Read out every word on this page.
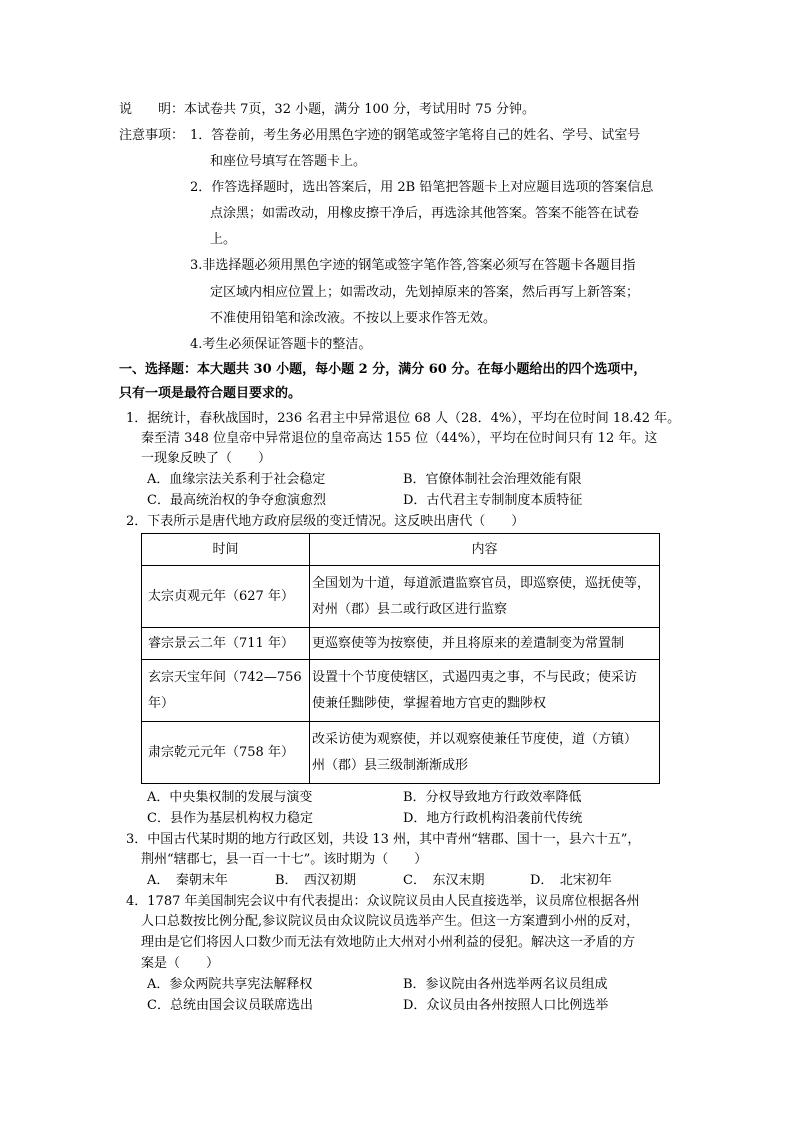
说　　明：本试卷共 7页，32 小题，满分 100 分，考试用时 75 分钟。
注意事项： 1．答卷前，考生务必用黑色字迹的钢笔或签字笔将自己的姓名、学号、试室号
和座位号填写在答题卡上。
2．作答选择题时，选出答案后，用 2B 铅笔把答题卡上对应题目选项的答案信息
点涂黑；如需改动，用橡皮擦干净后，再选涂其他答案。答案不能答在试卷
上。
3.非选择题必须用黑色字迹的钢笔或签字笔作答,答案必须写在答题卡各题目指
定区域内相应位置上；如需改动，先划掉原来的答案，然后再写上新答案；
不准使用铅笔和涂改液。不按以上要求作答无效。
4.考生必须保证答题卡的整洁。
一、选择题：本大题共 30 小题，每小题 2 分，满分 60 分。在每小题给出的四个选项中，
只有一项是最符合题目要求的。
1．据统计，春秋战国时，236 名君主中异常退位 68 人（28．4%），平均在位时间 18.42 年。
秦至清 348 位皇帝中异常退位的皇帝高达 155 位（44%），平均在位时间只有 12 年。这
一现象反映了（　　）
A．血缘宗法关系利于社会稳定	B．官僚体制社会治理效能有限
C．最高统治权的争夺愈演愈烈	D．古代君主专制制度本质特征
2．下表所示是唐代地方政府层级的变迁情况。这反映出唐代（　　）
时间	内容

太宗贞观元年（627 年）	全国划为十道，每道派遣监察官员，即巡察使，巡抚使等，
对州（郡）县二或行政区进行监察

睿宗景云二年（711 年）	更巡察使等为按察使，并且将原来的差遣制变为常置制

玄宗天宝年间（742—756
年）	设置十个节度使辖区，式遏四夷之事，不与民政；使采访
使兼任黜陟使，掌握着地方官吏的黜陟权

肃宗乾元元年（758 年）	改采访使为观察使，并以观察使兼任节度使，道（方镇）
州（郡）县三级制渐渐成形
A．中央集权制的发展与演变	B．分权导致地方行政效率降低
C．县作为基层机构权力稳定	D．地方行政机构沿袭前代传统
3．中国古代某时期的地方行政区划，共设 13 州，其中青州“辖郡、国十一，县六十五”，
荆州“辖郡七，县一百一十七”。该时期为（　　）
A．　秦朝末年	B．　西汉初期	C．　东汉末期	D．　北宋初年
4．1787 年美国制宪会议中有代表提出：众议院议员由人民直接选举，议员席位根据各州
人口总数按比例分配,参议院议员由众议院议员选举产生。但这一方案遭到小州的反对，
理由是它们将因人口数少而无法有效地防止大州对小州利益的侵犯。解决这一矛盾的方
案是（　　）
A．参众两院共享宪法解释权	B．参议院由各州选举两名议员组成
C．总统由国会议员联席选出	D．众议员由各州按照人口比例选举
